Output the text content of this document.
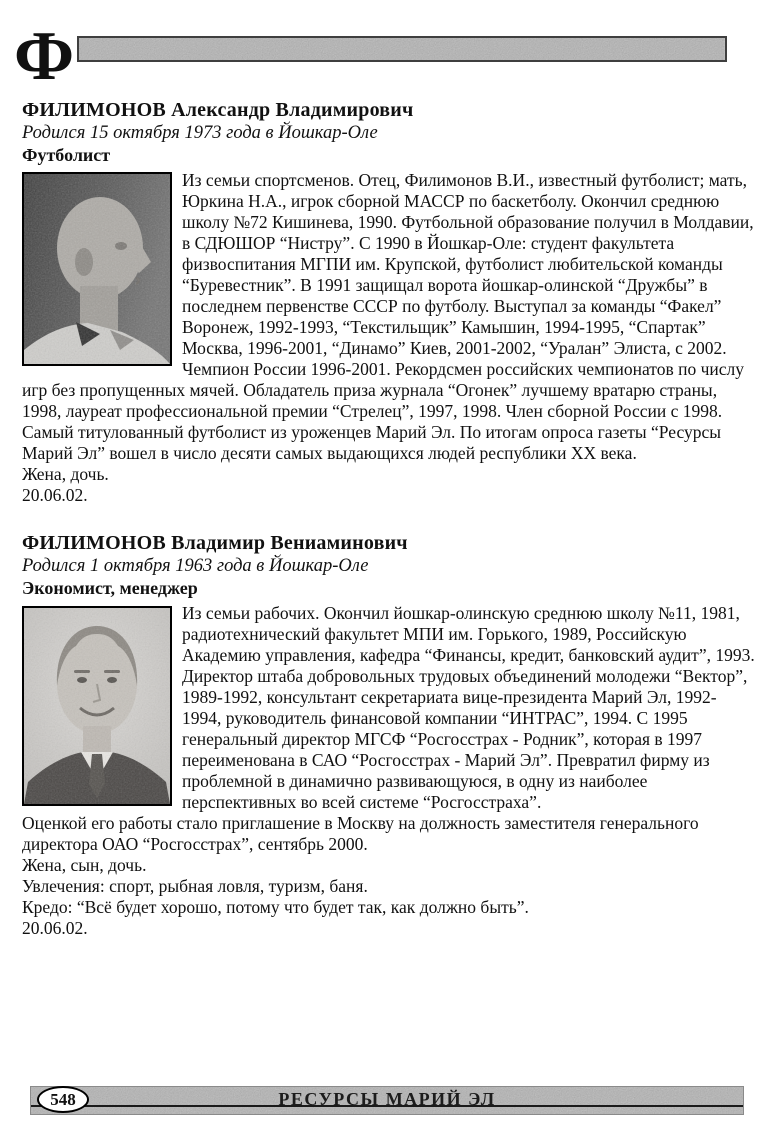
Ф
ФИЛИМОНОВ Александр Владимирович

Родился 15 октября 1973 года в Йошкар-Оле

Футболист

Из семьи спортсменов. Отец, Филимонов В.И., известный футболист; мать, Юркина Н.А., игрок сборной МАССР по баскетболу. Окончил среднюю школу №72 Кишинева, 1990. Футбольной образование получил в Молдавии, в СДЮШОР “Нистру”. С 1990 в Йошкар-Оле: студент факультета физвоспитания МГПИ им. Крупской, футболист любительской команды “Буревестник”. В 1991 защищал ворота йошкар-олинской “Дружбы” в последнем первенстве СССР по футболу. Выступал за команды “Факел” Воронеж, 1992-1993, “Текстильщик” Камышин, 1994-1995, “Спартак” Москва, 1996-2001, “Динамо” Киев, 2001-2002, “Уралан” Элиста, с 2002. Чемпион России 1996-2001. Рекордсмен российских чемпионатов по числу игр без пропущенных мячей. Обладатель приза журнала “Огонек” лучшему вратарю страны, 1998, лауреат профессиональной премии “Стрелец”, 1997, 1998. Член сборной России с 1998. Самый титулованный футболист из уроженцев Марий Эл. По итогам опроса газеты “Ресурсы Марий Эл” вошел в число десяти самых выдающихся людей республики XX века.

Жена, дочь.

20.06.02.

ФИЛИМОНОВ Владимир Вениаминович

Родился 1 октября 1963 года в Йошкар-Оле

Экономист, менеджер

Из семьи рабочих. Окончил йошкар-олинскую среднюю школу №11, 1981, радиотехнический факультет МПИ им. Горького, 1989, Российскую Академию управления, кафедра “Финансы, кредит, банковский аудит”, 1993.

Директор штаба добровольных трудовых объединений молодежи “Вектор”, 1989-1992, консультант секретариата вице-президента Марий Эл, 1992-1994, руководитель финансовой компании “ИНТРАС”, 1994. С 1995 генеральный директор МГСФ “Росгосстрах - Родник”, которая в 1997 переименована в САО “Росгосстрах - Марий Эл”. Превратил фирму из проблемной в динамично развивающуюся, в одну из наиболее перспективных во всей системе “Росгосстраха”.

Оценкой его работы стало приглашение в Москву на должность заместителя генерального директора ОАО “Росгосстрах”, сентябрь 2000.

Жена, сын, дочь.

Увлечения: спорт, рыбная ловля, туризм, баня.

Кредо: “Всё будет хорошо, потому что будет так, как должно быть”.

20.06.02.

РЕСУРСЫ МАРИЙ ЭЛ
548
